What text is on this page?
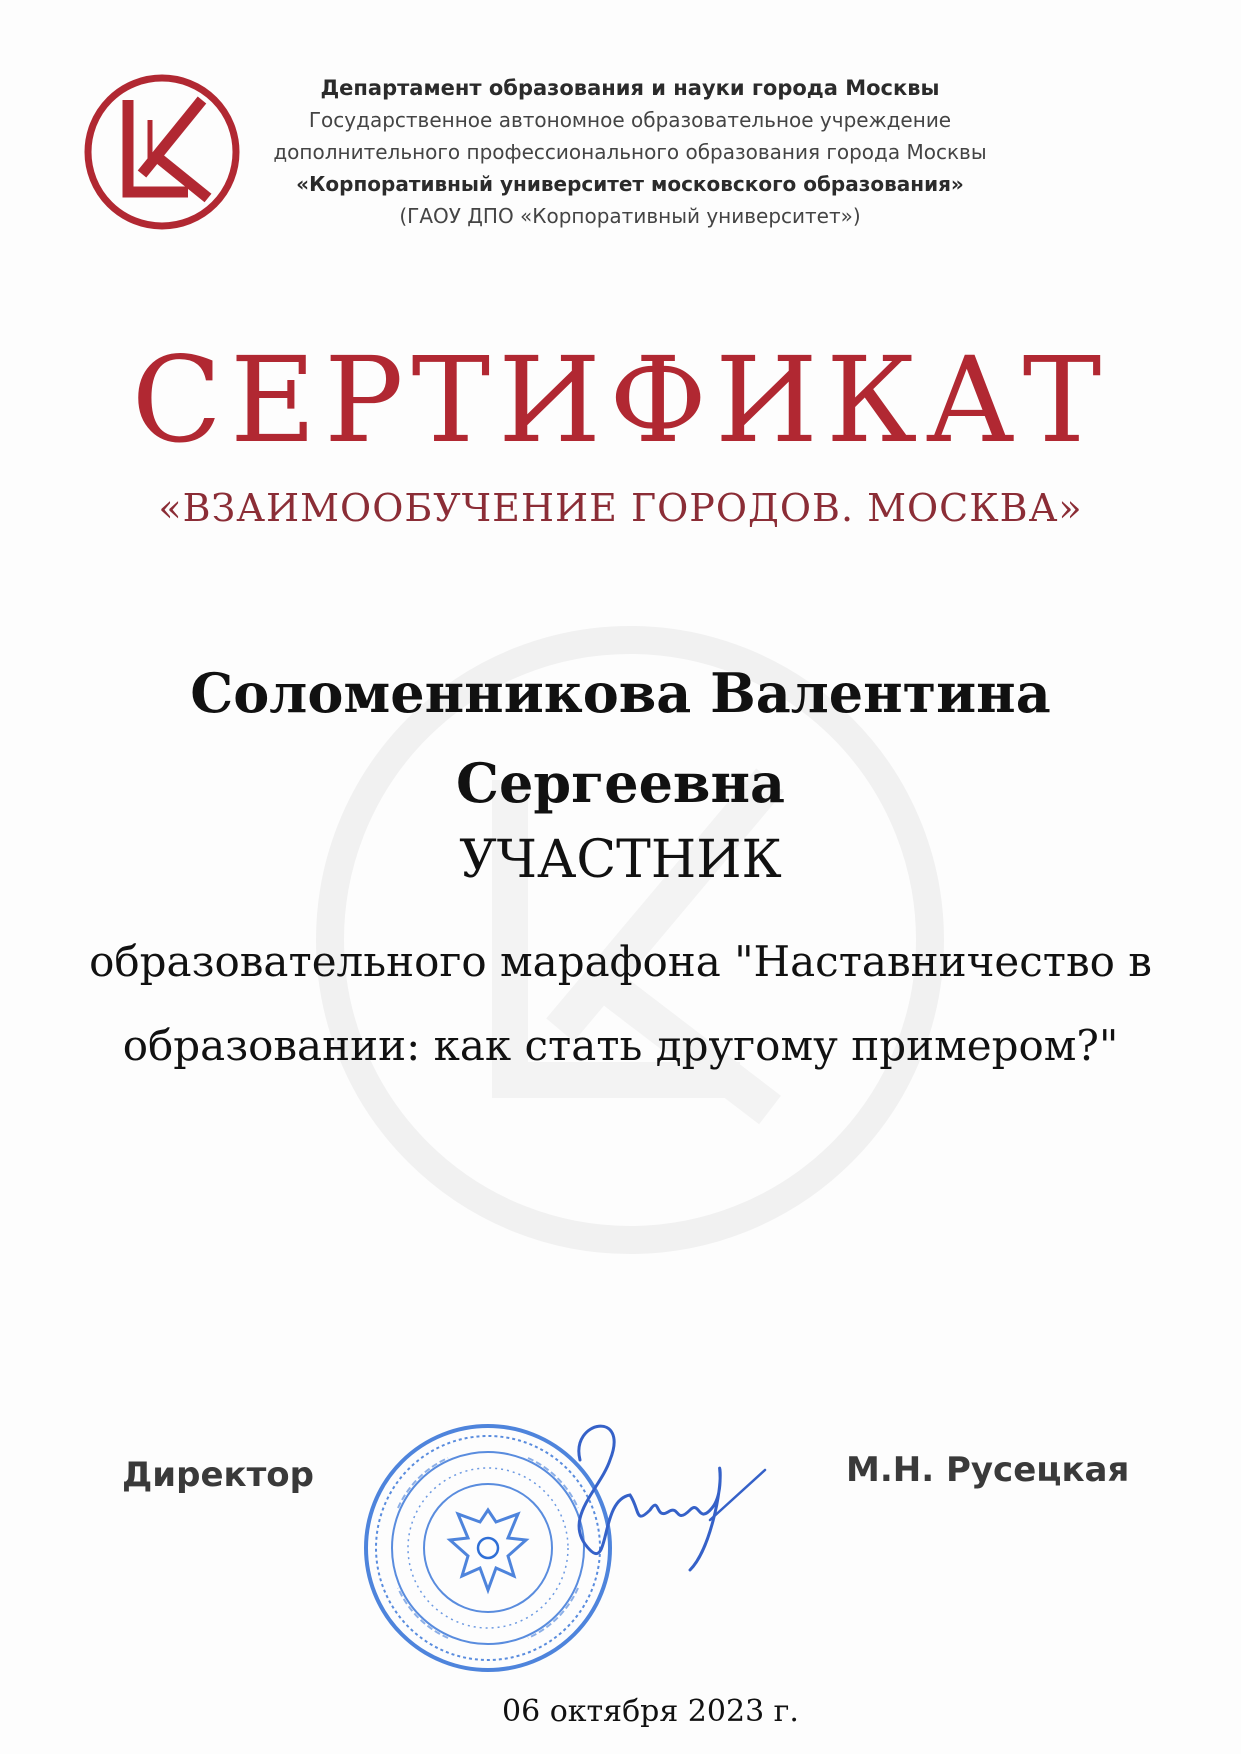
Департамент образования и науки города Москвы
Государственное автономное образовательное учреждение
дополнительного профессионального образования города Москвы
«Корпоративный университет московского образования»
(ГАОУ ДПО «Корпоративный университет»)
СЕРТИФИКАТ
«ВЗАИМООБУЧЕНИЕ ГОРОДОВ. МОСКВА»
Соломенникова Валентина
Сергеевна
УЧАСТНИК
образовательного марафона "Наставничество в
образовании: как стать другому примером?"
Директор	М.Н. Русецкая
06 октября 2023 г.
